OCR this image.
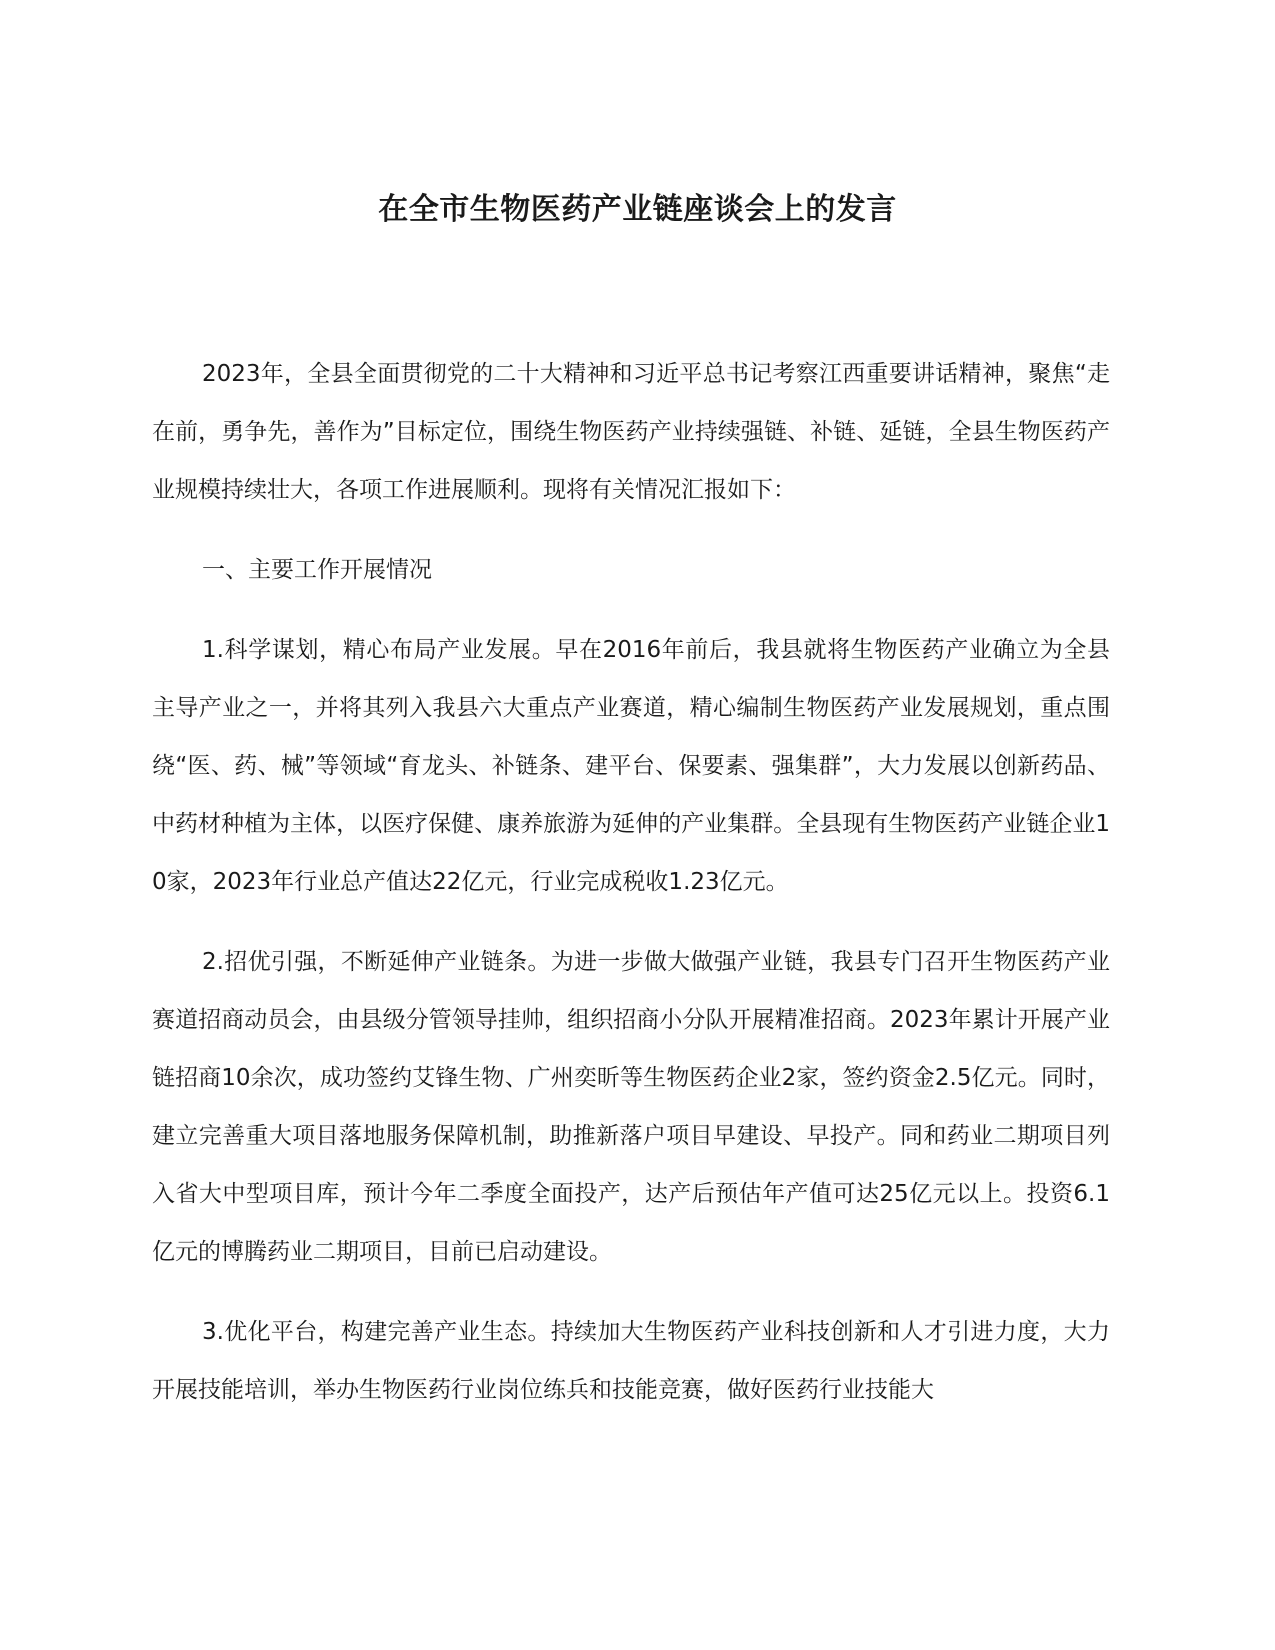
在全市生物医药产业链座谈会上的发言

2023年，全县全面贯彻党的二十大精神和习近平总书记考察江西重要讲话精神，聚焦“走在前，勇争先，善作为”目标定位，围绕生物医药产业持续强链、补链、延链，全县生物医药产业规模持续壮大，各项工作进展顺利。现将有关情况汇报如下：

一、主要工作开展情况

1.科学谋划，精心布局产业发展。早在2016年前后，我县就将生物医药产业确立为全县主导产业之一，并将其列入我县六大重点产业赛道，精心编制生物医药产业发展规划，重点围绕“医、药、械”等领域“育龙头、补链条、建平台、保要素、强集群”，大力发展以创新药品、中药材种植为主体，以医疗保健、康养旅游为延伸的产业集群。全县现有生物医药产业链企业10家，2023年行业总产值达22亿元，行业完成税收1.23亿元。

2.招优引强，不断延伸产业链条。为进一步做大做强产业链，我县专门召开生物医药产业赛道招商动员会，由县级分管领导挂帅，组织招商小分队开展精准招商。2023年累计开展产业链招商10余次，成功签约艾锋生物、广州奕昕等生物医药企业2家，签约资金2.5亿元。同时，建立完善重大项目落地服务保障机制，助推新落户项目早建设、早投产。同和药业二期项目列入省大中型项目库，预计今年二季度全面投产，达产后预估年产值可达25亿元以上。投资6.1亿元的博腾药业二期项目，目前已启动建设。

3.优化平台，构建完善产业生态。持续加大生物医药产业科技创新和人才引进力度，大力开展技能培训，举办生物医药行业岗位练兵和技能竞赛，做好医药行业技能大
